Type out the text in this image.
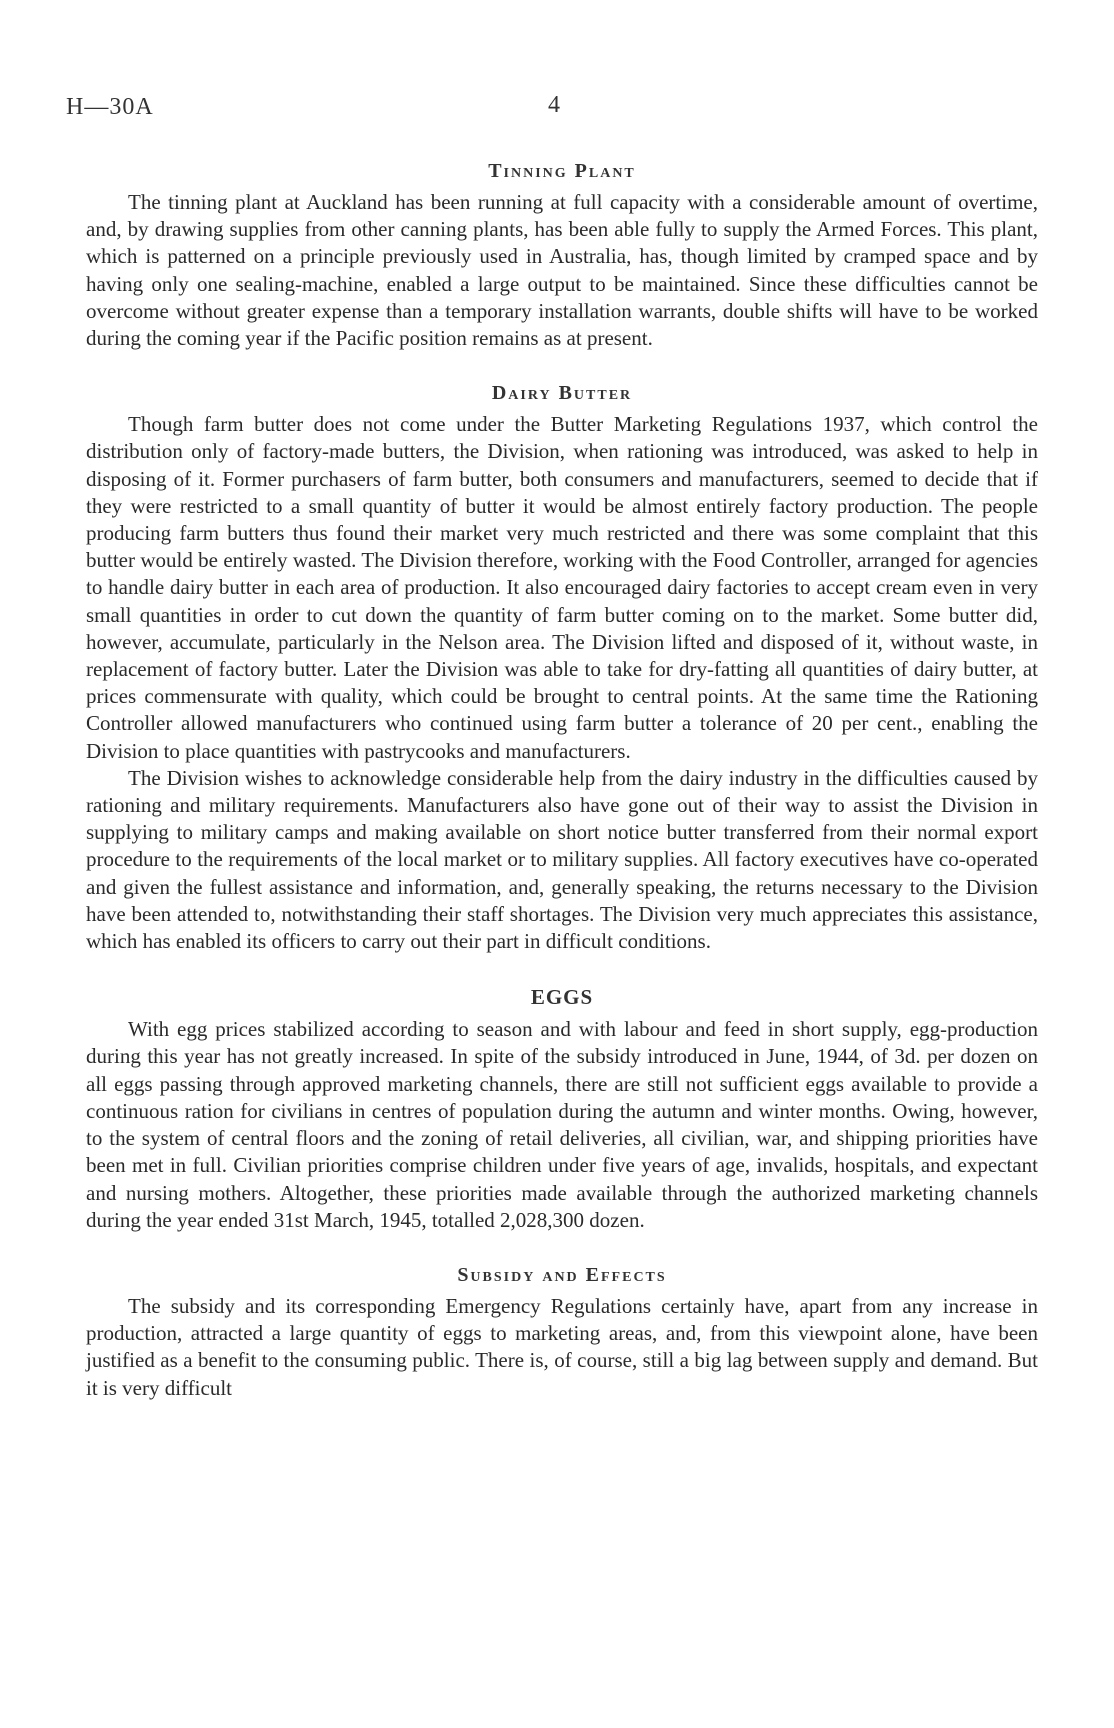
H—30A	4
Tinning Plant

The tinning plant at Auckland has been running at full capacity with a considerable amount of overtime, and, by drawing supplies from other canning plants, has been able fully to supply the Armed Forces. This plant, which is patterned on a principle previously used in Australia, has, though limited by cramped space and by having only one sealing-machine, enabled a large output to be maintained. Since these difficulties cannot be overcome without greater expense than a temporary installation warrants, double shifts will have to be worked during the coming year if the Pacific position remains as at present.

Dairy Butter

Though farm butter does not come under the Butter Marketing Regulations 1937, which control the distribution only of factory-made butters, the Division, when rationing was introduced, was asked to help in disposing of it. Former purchasers of farm butter, both consumers and manufacturers, seemed to decide that if they were restricted to a small quantity of butter it would be almost entirely factory production. The people producing farm butters thus found their market very much restricted and there was some complaint that this butter would be entirely wasted. The Division therefore, working with the Food Controller, arranged for agencies to handle dairy butter in each area of production. It also encouraged dairy factories to accept cream even in very small quantities in order to cut down the quantity of farm butter coming on to the market. Some butter did, however, accumulate, particularly in the Nelson area. The Division lifted and disposed of it, without waste, in replacement of factory butter. Later the Division was able to take for dry-fatting all quantities of dairy butter, at prices commensurate with quality, which could be brought to central points. At the same time the Rationing Controller allowed manufacturers who continued using farm butter a tolerance of 20 per cent., enabling the Division to place quantities with pastrycooks and manufacturers.

The Division wishes to acknowledge considerable help from the dairy industry in the difficulties caused by rationing and military requirements. Manufacturers also have gone out of their way to assist the Division in supplying to military camps and making available on short notice butter transferred from their normal export procedure to the requirements of the local market or to military supplies. All factory executives have co-operated and given the fullest assistance and information, and, generally speaking, the returns necessary to the Division have been attended to, notwithstanding their staff shortages. The Division very much appreciates this assistance, which has enabled its officers to carry out their part in difficult conditions.

EGGS

With egg prices stabilized according to season and with labour and feed in short supply, egg-production during this year has not greatly increased. In spite of the subsidy introduced in June, 1944, of 3d. per dozen on all eggs passing through approved marketing channels, there are still not sufficient eggs available to provide a continuous ration for civilians in centres of population during the autumn and winter months. Owing, however, to the system of central floors and the zoning of retail deliveries, all civilian, war, and shipping priorities have been met in full. Civilian priorities comprise children under five years of age, invalids, hospitals, and expectant and nursing mothers. Altogether, these priorities made available through the authorized marketing channels during the year ended 31st March, 1945, totalled 2,028,300 dozen.

Subsidy and Effects

The subsidy and its corresponding Emergency Regulations certainly have, apart from any increase in production, attracted a large quantity of eggs to marketing areas, and, from this viewpoint alone, have been justified as a benefit to the consuming public. There is, of course, still a big lag between supply and demand. But it is very difficult
